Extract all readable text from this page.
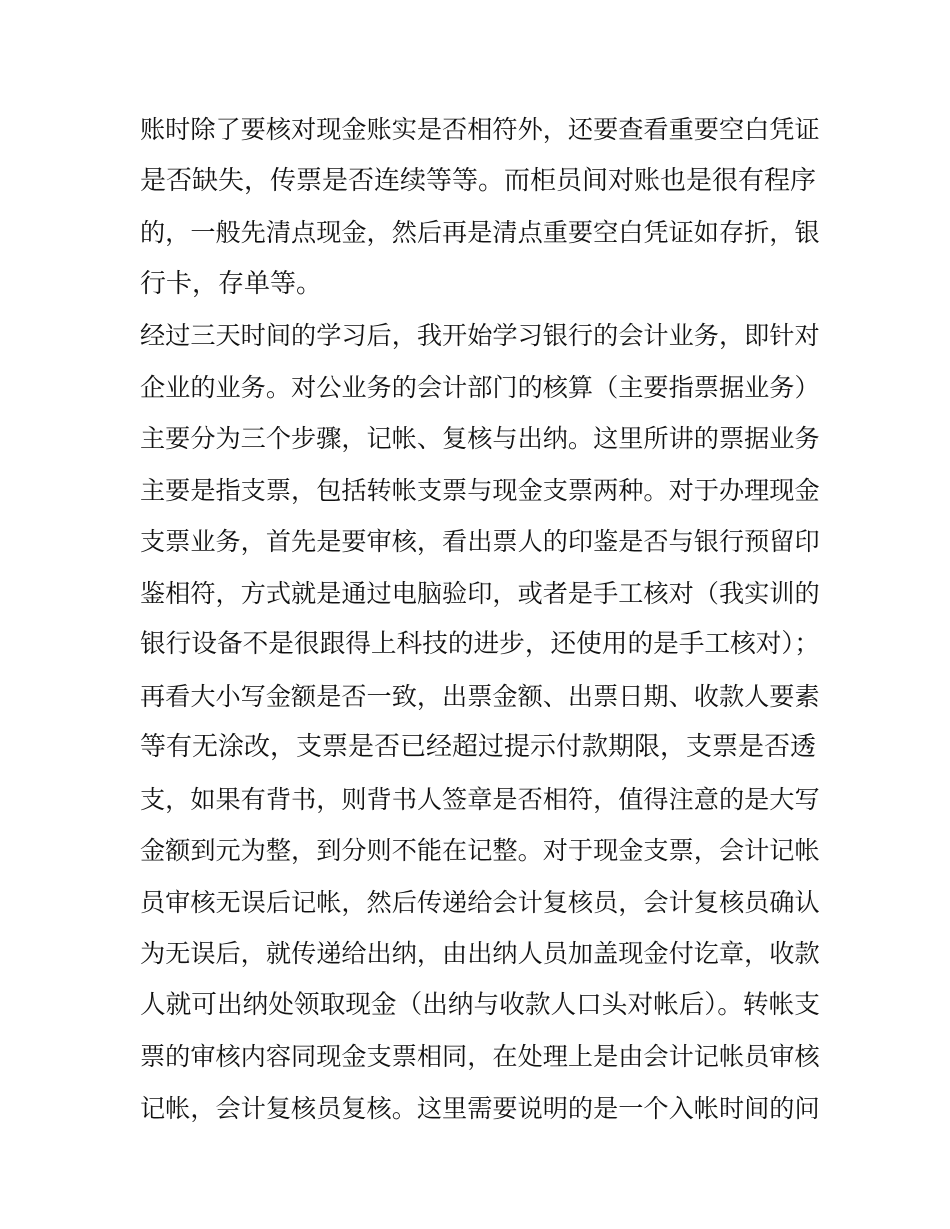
账时除了要核对现金账实是否相符外，还要查看重要空白凭证
是否缺失，传票是否连续等等。而柜员间对账也是很有程序
的，一般先清点现金，然后再是清点重要空白凭证如存折，银
行卡，存单等。
经过三天时间的学习后，我开始学习银行的会计业务，即针对
企业的业务。对公业务的会计部门的核算（主要指票据业务）
主要分为三个步骤，记帐、复核与出纳。这里所讲的票据业务
主要是指支票，包括转帐支票与现金支票两种。对于办理现金
支票业务，首先是要审核，看出票人的印鉴是否与银行预留印
鉴相符，方式就是通过电脑验印，或者是手工核对（我实训的
银行设备不是很跟得上科技的进步，还使用的是手工核对）；
再看大小写金额是否一致，出票金额、出票日期、收款人要素
等有无涂改，支票是否已经超过提示付款期限，支票是否透
支，如果有背书，则背书人签章是否相符，值得注意的是大写
金额到元为整，到分则不能在记整。对于现金支票，会计记帐
员审核无误后记帐，然后传递给会计复核员，会计复核员确认
为无误后，就传递给出纳，由出纳人员加盖现金付讫章，收款
人就可出纳处领取现金（出纳与收款人口头对帐后）。转帐支
票的审核内容同现金支票相同，在处理上是由会计记帐员审核
记帐，会计复核员复核。这里需要说明的是一个入帐时间的问
